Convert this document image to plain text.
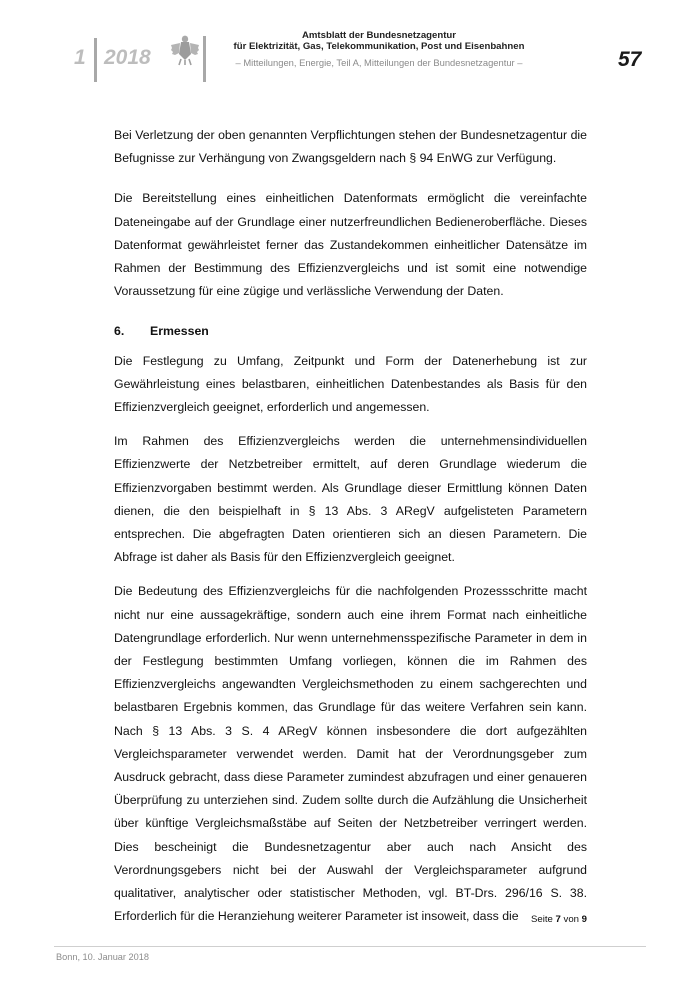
1 2018
Amtsblatt der Bundesnetzagentur
für Elektrizität, Gas, Telekommunikation, Post und Eisenbahnen
– Mitteilungen, Energie, Teil A, Mitteilungen der Bundesnetzagentur –	57

Bei Verletzung der oben genannten Verpflichtungen stehen der Bundesnetzagentur die Befugnisse zur Verhängung von Zwangsgeldern nach § 94 EnWG zur Verfügung.

Die Bereitstellung eines einheitlichen Datenformats ermöglicht die vereinfachte Dateneingabe auf der Grundlage einer nutzerfreundlichen Bedieneroberfläche. Dieses Datenformat gewährleistet ferner das Zustandekommen einheitlicher Datensätze im Rahmen der Bestimmung des Effizienzvergleichs und ist somit eine notwendige Voraussetzung für eine zügige und verlässliche Verwendung der Daten.

6.	Ermessen

Die Festlegung zu Umfang, Zeitpunkt und Form der Datenerhebung ist zur Gewährleistung eines belastbaren, einheitlichen Datenbestandes als Basis für den Effizienzvergleich geeignet, erforderlich und angemessen.

Im Rahmen des Effizienzvergleichs werden die unternehmensindividuellen Effizienzwerte der Netzbetreiber ermittelt, auf deren Grundlage wiederum die Effizienzvorgaben bestimmt werden. Als Grundlage dieser Ermittlung können Daten dienen, die den beispielhaft in § 13 Abs. 3 ARegV aufgelisteten Parametern entsprechen. Die abgefragten Daten orientieren sich an diesen Parametern. Die Abfrage ist daher als Basis für den Effizienzvergleich geeignet.

Die Bedeutung des Effizienzvergleichs für die nachfolgenden Prozessschritte macht nicht nur eine aussagekräftige, sondern auch eine ihrem Format nach einheitliche Datengrundlage erforderlich. Nur wenn unternehmensspezifische Parameter in dem in der Festlegung bestimmten Umfang vorliegen, können die im Rahmen des Effizienzvergleichs angewandten Vergleichsmethoden zu einem sachgerechten und belastbaren Ergebnis kommen, das Grundlage für das weitere Verfahren sein kann. Nach § 13 Abs. 3 S. 4 ARegV können insbesondere die dort aufgezählten Vergleichsparameter verwendet werden. Damit hat der Verordnungsgeber zum Ausdruck gebracht, dass diese Parameter zumindest abzufragen und einer genaueren Überprüfung zu unterziehen sind. Zudem sollte durch die Aufzählung die Unsicherheit über künftige Vergleichsmaßstäbe auf Seiten der Netzbetreiber verringert werden. Dies bescheinigt die Bundesnetzagentur aber auch nach Ansicht des Verordnungsgebers nicht bei der Auswahl der Vergleichsparameter aufgrund qualitativer, analytischer oder statistischer Methoden, vgl. BT-Drs. 296/16 S. 38. Erforderlich für die Heranziehung weiterer Parameter ist insoweit, dass die	Seite 7 von 9
Bonn, 10. Januar 2018
